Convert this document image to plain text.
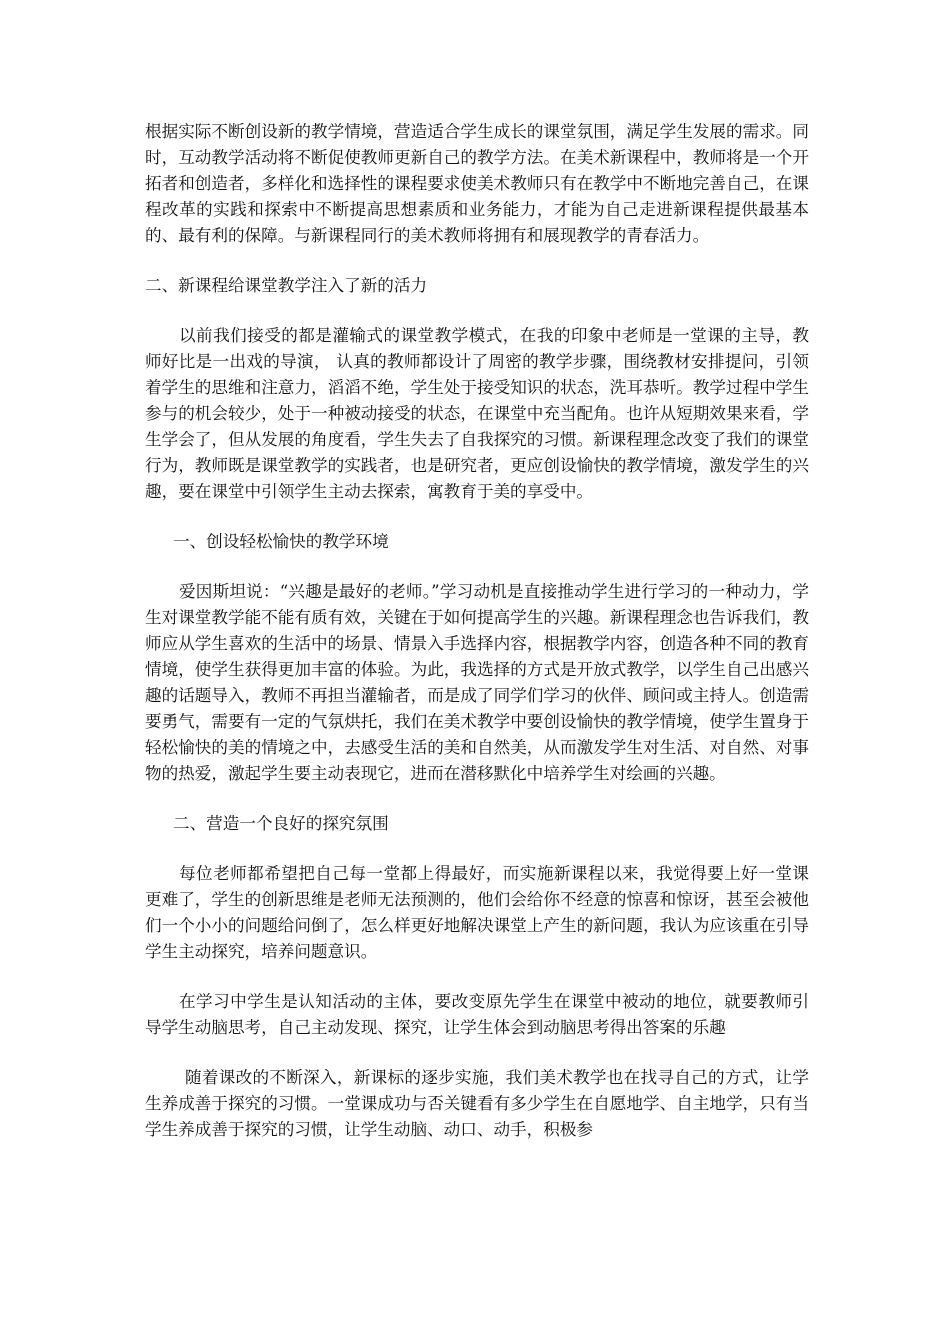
根据实际不断创设新的教学情境，营造适合学生成长的课堂氛围，满足学生发展的需求。同时，互动教学活动将不断促使教师更新自己的教学方法。在美术新课程中，教师将是一个开拓者和创造者，多样化和选择性的课程要求使美术教师只有在教学中不断地完善自己，在课程改革的实践和探索中不断提高思想素质和业务能力，才能为自己走进新课程提供最基本的、最有利的保障。与新课程同行的美术教师将拥有和展现教学的青春活力。

二、新课程给课堂教学注入了新的活力

以前我们接受的都是灌输式的课堂教学模式，在我的印象中老师是一堂课的主导，教师好比是一出戏的导演， 认真的教师都设计了周密的教学步骤，围绕教材安排提问，引领着学生的思维和注意力，滔滔不绝，学生处于接受知识的状态，洗耳恭听。教学过程中学生参与的机会较少，处于一种被动接受的状态，在课堂中充当配角。也许从短期效果来看，学生学会了，但从发展的角度看，学生失去了自我探究的习惯。新课程理念改变了我们的课堂行为，教师既是课堂教学的实践者，也是研究者，更应创设愉快的教学情境，激发学生的兴趣，要在课堂中引领学生主动去探索，寓教育于美的享受中。

一、创设轻松愉快的教学环境

爱因斯坦说：“兴趣是最好的老师。”学习动机是直接推动学生进行学习的一种动力，学生对课堂教学能不能有质有效，关键在于如何提高学生的兴趣。新课程理念也告诉我们，教师应从学生喜欢的生活中的场景、情景入手选择内容，根据教学内容，创造各种不同的教育情境，使学生获得更加丰富的体验。为此，我选择的方式是开放式教学，以学生自己出感兴趣的话题导入，教师不再担当灌输者，而是成了同学们学习的伙伴、顾问或主持人。创造需要勇气，需要有一定的气氛烘托，我们在美术教学中要创设愉快的教学情境，使学生置身于轻松愉快的美的情境之中，去感受生活的美和自然美，从而激发学生对生活、对自然、对事物的热爱，激起学生要主动表现它，进而在潜移默化中培养学生对绘画的兴趣。

二、营造一个良好的探究氛围

每位老师都希望把自己每一堂都上得最好，而实施新课程以来，我觉得要上好一堂课更难了，学生的创新思维是老师无法预测的，他们会给你不经意的惊喜和惊讶，甚至会被他们一个小小的问题给问倒了，怎么样更好地解决课堂上产生的新问题，我认为应该重在引导学生主动探究，培养问题意识。

在学习中学生是认知活动的主体，要改变原先学生在课堂中被动的地位，就要教师引导学生动脑思考，自己主动发现、探究，让学生体会到动脑思考得出答案的乐趣

随着课改的不断深入，新课标的逐步实施，我们美术教学也在找寻自己的方式，让学生养成善于探究的习惯。一堂课成功与否关键看有多少学生在自愿地学、自主地学，只有当学生养成善于探究的习惯，让学生动脑、动口、动手，积极参
